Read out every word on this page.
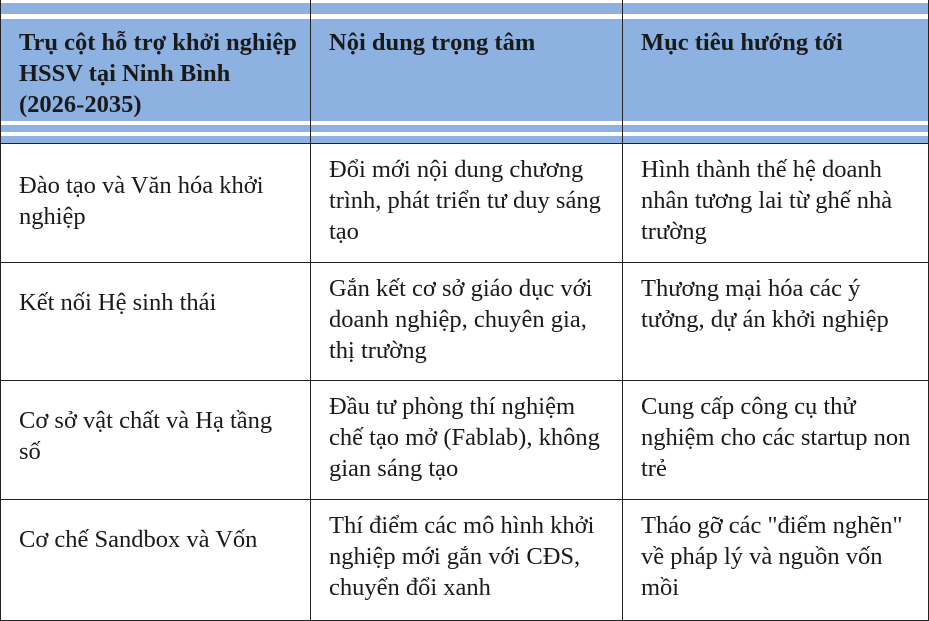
Trụ cột hỗ trợ khởi nghiệp HSSV tại Ninh Bình (2026-2035)
Nội dung trọng tâm	Mục tiêu hướng tới
Đào tạo và Văn hóa khởi nghiệp
Đổi mới nội dung chương trình, phát triển tư duy sáng tạo
Hình thành thế hệ doanh nhân tương lai từ ghế nhà trường
Kết nối Hệ sinh thái
Gắn kết cơ sở giáo dục với doanh nghiệp, chuyên gia, thị trường
Thương mại hóa các ý tưởng, dự án khởi nghiệp
Cơ sở vật chất và Hạ tầng số
Đầu tư phòng thí nghiệm chế tạo mở (Fablab), không gian sáng tạo
Cung cấp công cụ thử nghiệm cho các startup non trẻ
Cơ chế Sandbox và Vốn
Thí điểm các mô hình khởi nghiệp mới gắn với CĐS, chuyển đổi xanh
Tháo gỡ các "điểm nghẽn" về pháp lý và nguồn vốn mồi
